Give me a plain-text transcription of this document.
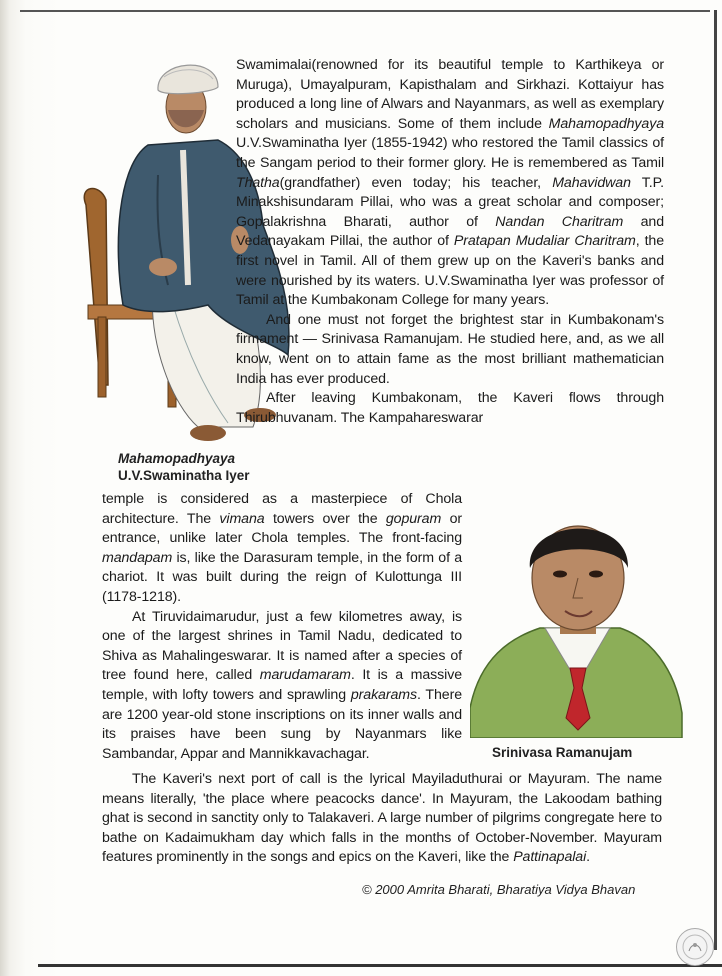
Swamimalai(renowned for its beautiful temple to Karthikeya or Muruga), Umayalpuram, Kapisthalam and Sirkhazi. Kottaiyur has produced a long line of Alwars and Nayanmars, as well as exemplary scholars and musicians. Some of them include Mahamopadhyaya U.V.Swaminatha Iyer (1855-1942) who restored the Tamil classics of the Sangam period to their former glory. He is remembered as Tamil Thatha(grandfather) even today; his teacher, Mahavidwan T.P. Minakshisundaram Pillai, who was a great scholar and composer; Gopalakrishna Bharati, author of Nandan Charitram and Vedanayakam Pillai, the author of Pratapan Mudaliar Charitram, the first novel in Tamil. All of them grew up on the Kaveri's banks and were nourished by its waters. U.V.Swaminatha Iyer was professor of Tamil at the Kumbakonam College for many years.

And one must not forget the brightest star in Kumbakonam's firmament — Srinivasa Ramanujam. He studied here, and, as we all know, went on to attain fame as the most brilliant mathematician India has ever produced.

After leaving Kumbakonam, the Kaveri flows through Thirubhuvanam. The Kampahareswarar

Mahamopadhyaya
U.V.Swaminatha Iyer

temple is considered as a masterpiece of Chola architecture. The vimana towers over the gopuram or entrance, unlike later Chola temples. The front-facing mandapam is, like the Darasuram temple, in the form of a chariot. It was built during the reign of Kulottunga III (1178-1218).

At Tiruvidaimarudur, just a few kilometres away, is one of the largest shrines in Tamil Nadu, dedicated to Shiva as Mahalingeswarar. It is named after a species of tree found here, called marudamaram. It is a massive temple, with lofty towers and sprawling prakarams. There are 1200 year-old stone inscriptions on its inner walls and its praises have been sung by Nayanmars like Sambandar, Appar and Mannikkavachagar.	Srinivasa Ramanujam

The Kaveri's next port of call is the lyrical Mayiladuthurai or Mayuram. The name means literally, 'the place where peacocks dance'. In Mayuram, the Lakoodam bathing ghat is second in sanctity only to Talakaveri. A large number of pilgrims congregate here to bathe on Kadaimukham day which falls in the months of October-November. Mayuram features prominently in the songs and epics on the Kaveri, like the Pattinapalai.

© 2000 Amrita Bharati, Bharatiya Vidya Bhavan
